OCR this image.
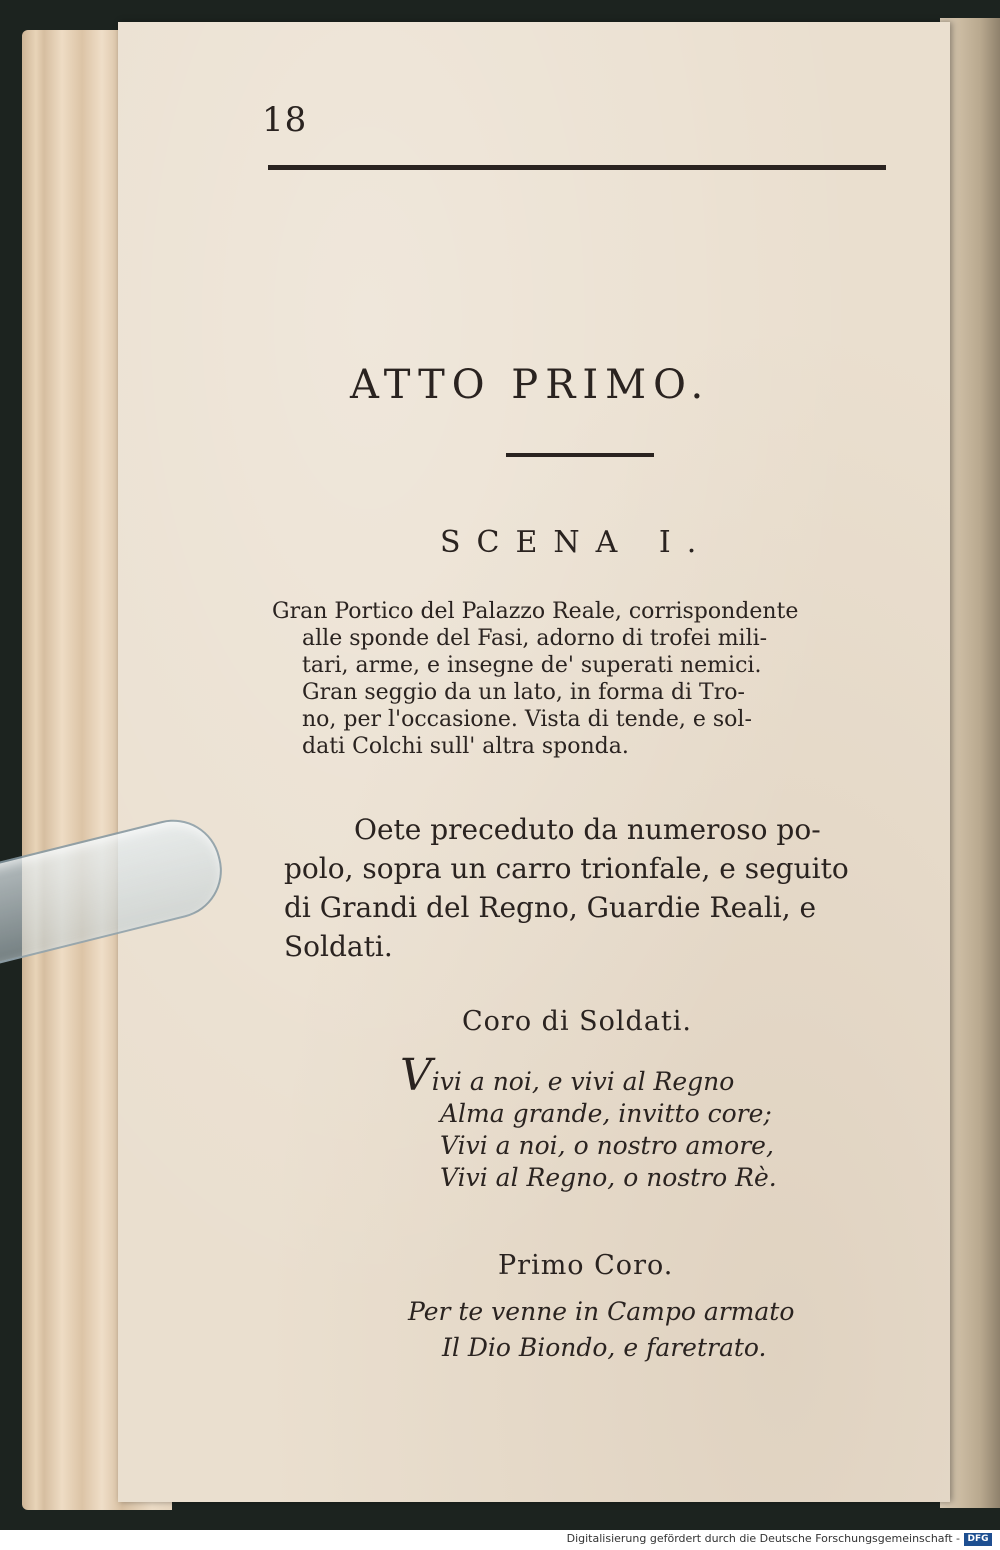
18
ATTO PRIMO.
SCENA I.
Gran Portico del Palazzo Reale, corrispondente
alle sponde del Fasi, adorno di trofei mili-
tari, arme, e insegne de' superati nemici.
Gran seggio da un lato, in forma di Tro-
no, per l'occasione. Vista di tende, e sol-
dati Colchi sull' altra sponda.
Oete preceduto da numeroso po-
polo, sopra un carro trionfale, e seguito
di Grandi del Regno, Guardie Reali, e
Soldati.
Coro di Soldati.
Vivi a noi, e vivi al Regno
Alma grande, invitto core;
Vivi a noi, o nostro amore,
Vivi al Regno, o nostro Rè.
Primo Coro.
Per te venne in Campo armato
Il Dio Biondo, e faretrato.
Digitalisierung gefördert durch die Deutsche Forschungsgemeinschaft - DFG
